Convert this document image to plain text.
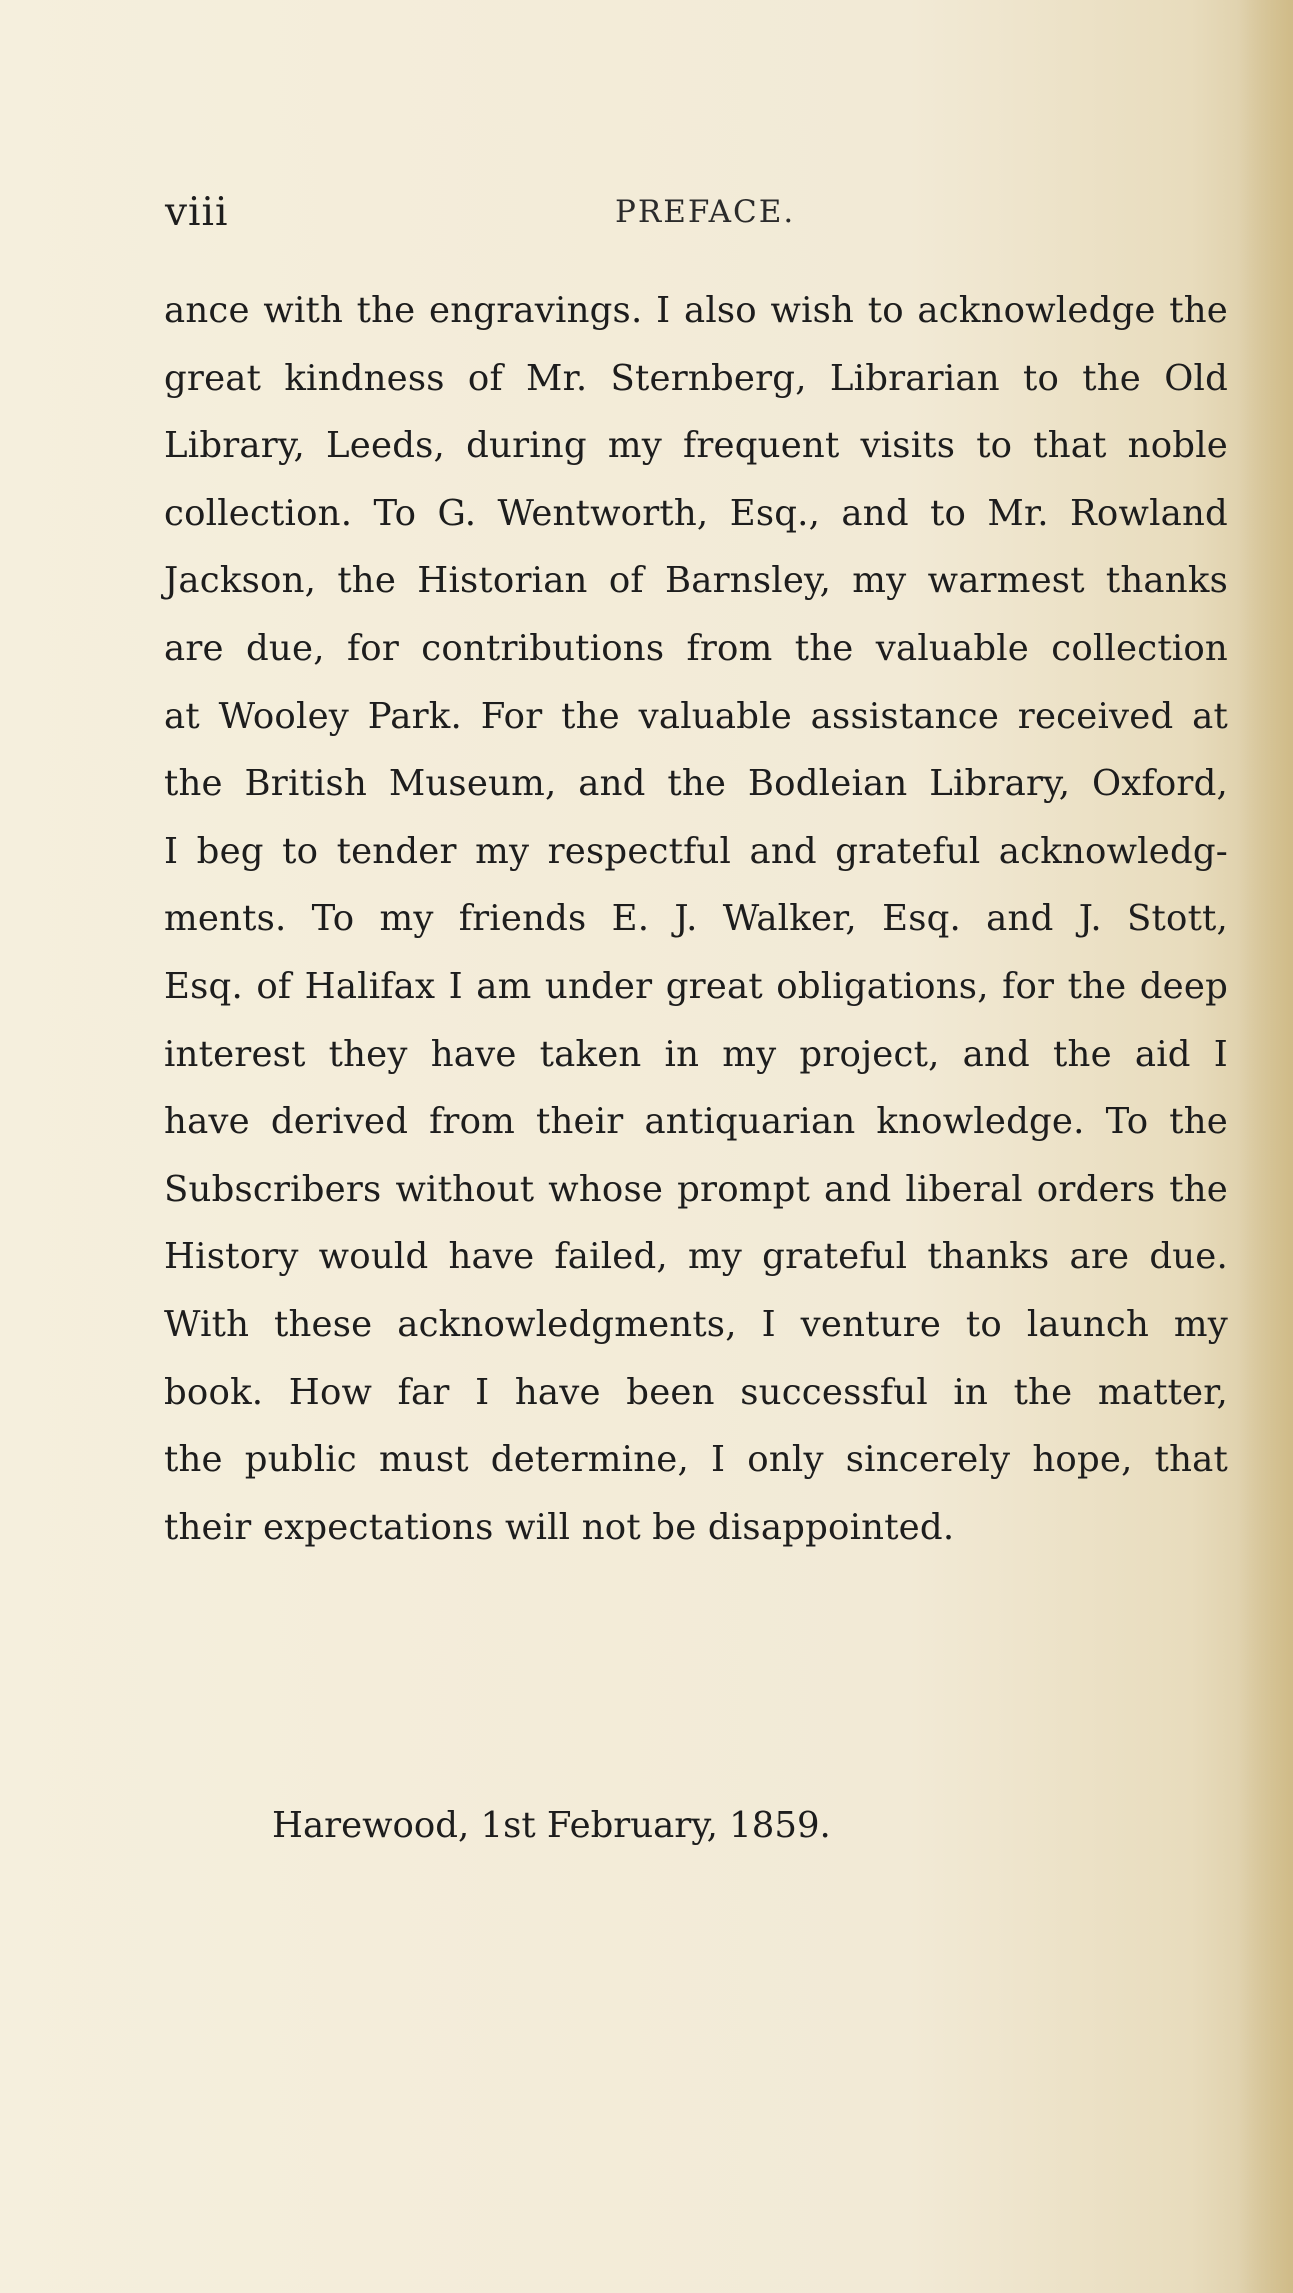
viii	PREFACE.
ance with the engravings. I also wish to acknowledge the
great kindness of Mr. Sternberg, Librarian to the Old
Library, Leeds, during my frequent visits to that noble
collection. To G. Wentworth, Esq., and to Mr. Rowland
Jackson, the Historian of Barnsley, my warmest thanks
are due, for contributions from the valuable collection
at Wooley Park. For the valuable assistance received at
the British Museum, and the Bodleian Library, Oxford,
I beg to tender my respectful and grateful acknowledg-
ments. To my friends E. J. Walker, Esq. and J. Stott,
Esq. of Halifax I am under great obligations, for the deep
interest they have taken in my project, and the aid I
have derived from their antiquarian knowledge. To the
Subscribers without whose prompt and liberal orders the
History would have failed, my grateful thanks are due.
With these acknowledgments, I venture to launch my
book. How far I have been successful in the matter,
the public must determine, I only sincerely hope, that
their expectations will not be disappointed.
Harewood, 1st February, 1859.
